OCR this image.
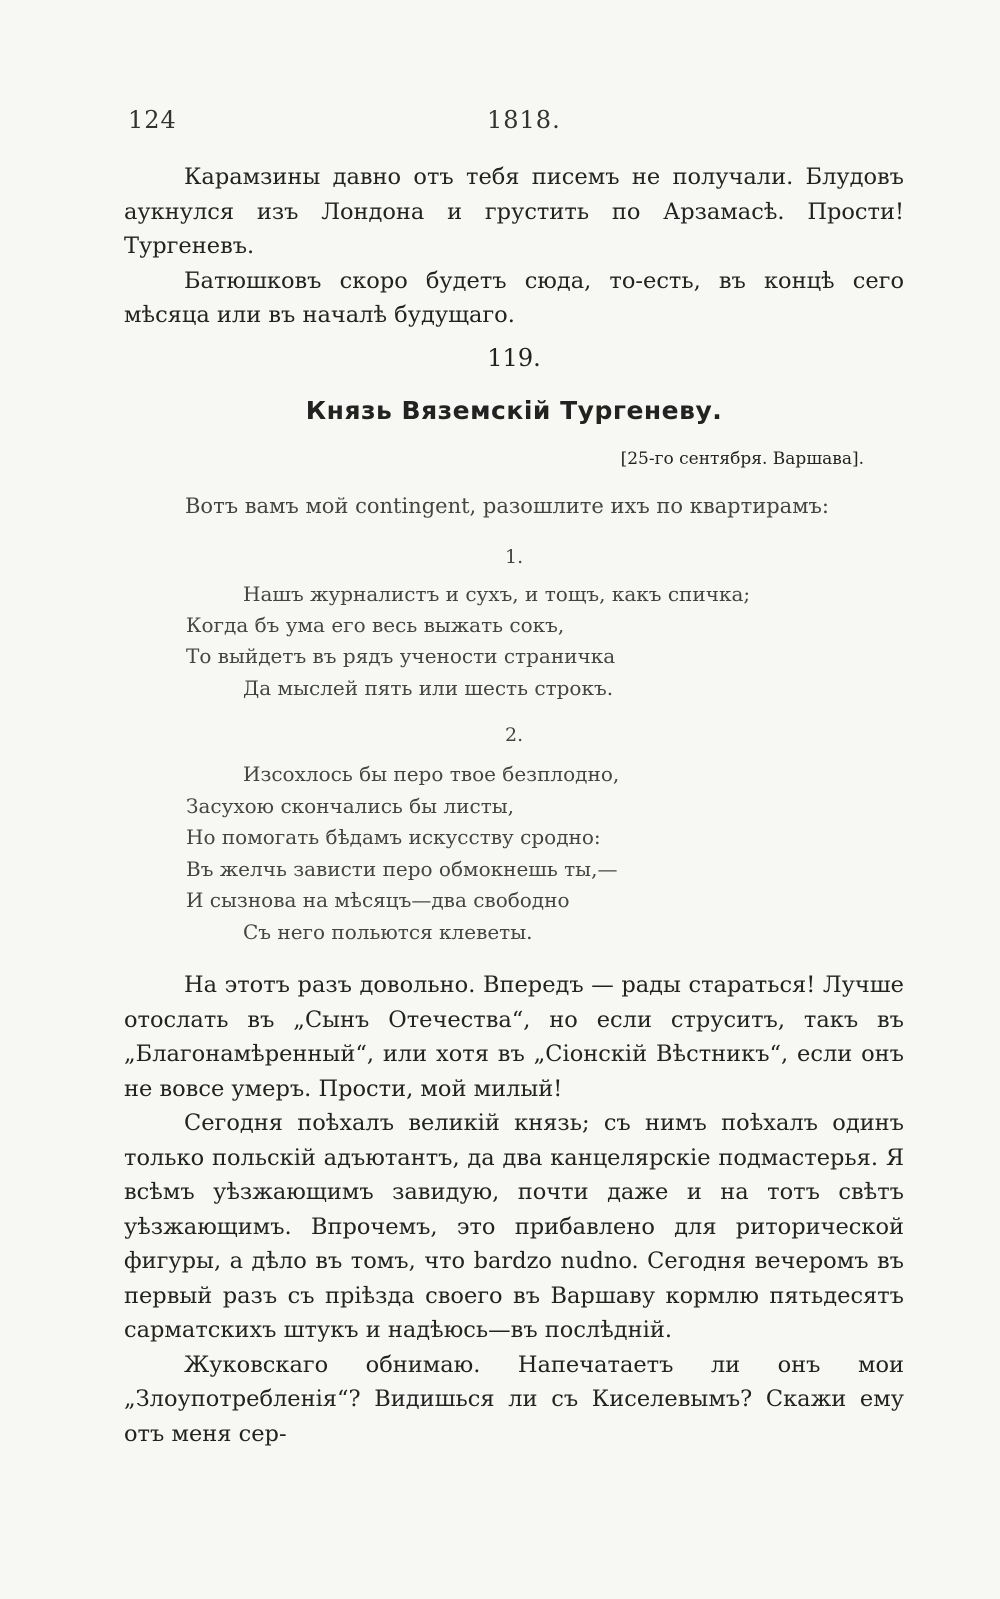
124	1818.

Карамзины давно отъ тебя писемъ не получали. Блудовъ аукнулся изъ Лондона и грустить по Арзамасѣ. Прости! Тургеневъ.

Батюшковъ скоро будетъ сюда, то-есть, въ концѣ сего мѣсяца или въ началѣ будущаго.

119.
Князь Вяземскій Тургеневу.
[25-го сентября. Варшава].
Вотъ вамъ мой contingent, разошлите ихъ по квартирамъ:
1.
Нашъ журналистъ и сухъ, и тощъ, какъ спичка;
Когда бъ ума его весь выжать сокъ,
То выйдетъ въ рядъ учености страничка
Да мыслей пять или шесть строкъ.
2.
Изсохлось бы перо твое безплодно,
Засухою скончались бы листы,
Но помогать бѣдамъ искусству сродно:
Въ желчь зависти перо обмокнешь ты,—
И сызнова на мѣсяцъ—два свободно
Съ него польются клеветы.

На этотъ разъ довольно. Впередъ — рады стараться! Лучше отослать въ „Сынъ Отечества“, но если струситъ, такъ въ „Благонамѣренный“, или хотя въ „Сіонскій Вѣстникъ“, если онъ не вовсе умеръ. Прости, мой милый!

Сегодня поѣхалъ великій князь; съ нимъ поѣхалъ одинъ только польскій адъютантъ, да два канцелярскіе подмастерья. Я всѣмъ уѣзжающимъ завидую, почти даже и на тотъ свѣтъ уѣзжающимъ. Впрочемъ, это прибавлено для риторической фигуры, а дѣло въ томъ, что bardzo nudno. Сегодня вечеромъ въ первый разъ съ пріѣзда своего въ Варшаву кормлю пятьдесятъ сарматскихъ штукъ и надѣюсь—въ послѣдній.

Жуковскаго обнимаю. Напечатаетъ ли онъ мои „Злоупотребленія“? Видишься ли съ Киселевымъ? Скажи ему отъ меня сер-
